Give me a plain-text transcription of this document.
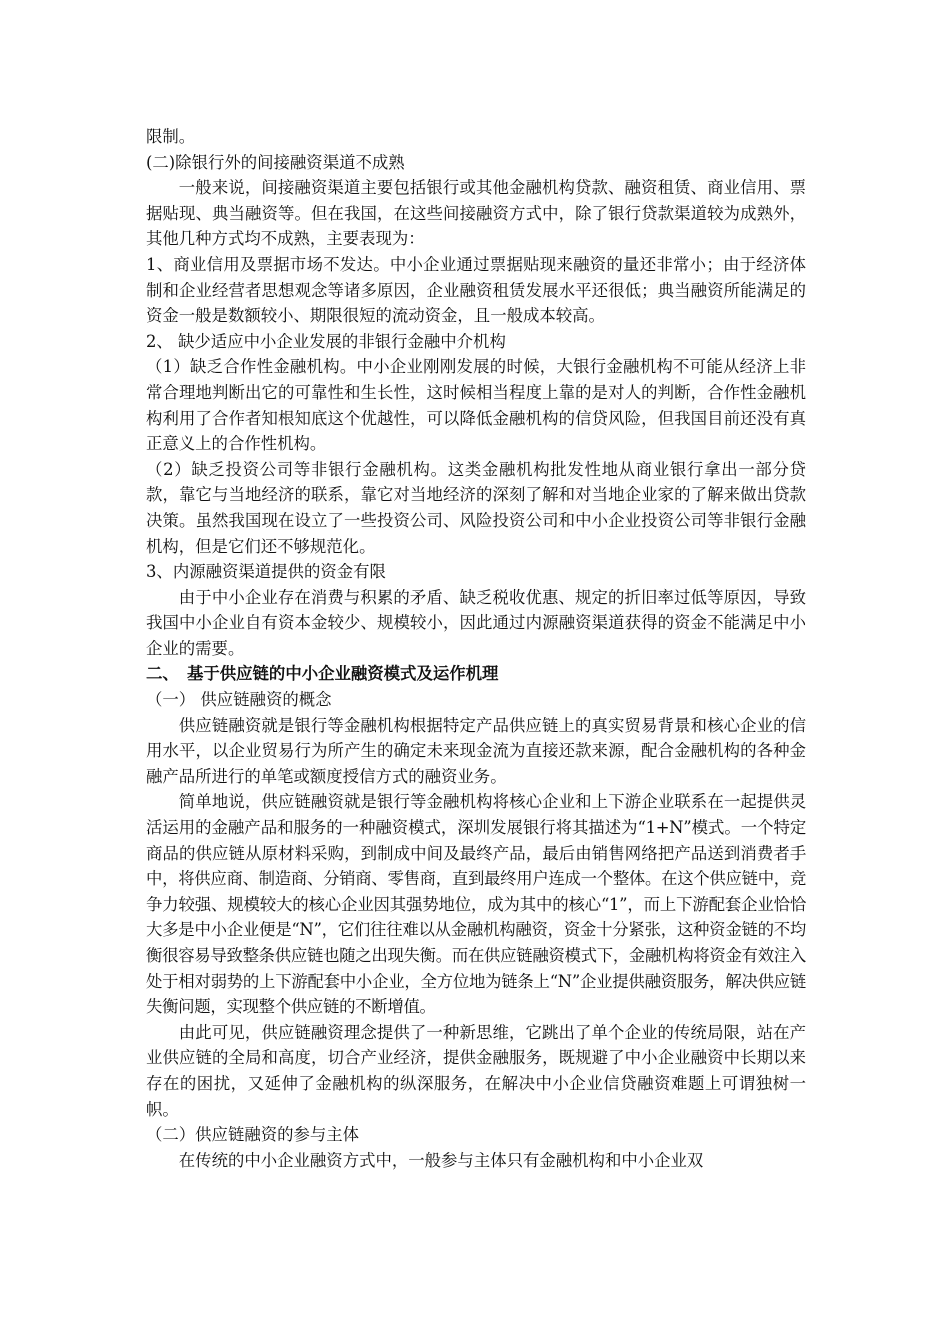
限制。

(二)除银行外的间接融资渠道不成熟

一般来说，间接融资渠道主要包括银行或其他金融机构贷款、融资租赁、商业信用、票据贴现、典当融资等。但在我国，在这些间接融资方式中，除了银行贷款渠道较为成熟外，其他几种方式均不成熟，主要表现为：

1、商业信用及票据市场不发达。中小企业通过票据贴现来融资的量还非常小；由于经济体制和企业经营者思想观念等诸多原因，企业融资租赁发展水平还很低；典当融资所能满足的资金一般是数额较小、期限很短的流动资金，且一般成本较高。

2、 缺少适应中小企业发展的非银行金融中介机构

（1）缺乏合作性金融机构。中小企业刚刚发展的时候，大银行金融机构不可能从经济上非常合理地判断出它的可靠性和生长性，这时候相当程度上靠的是对人的判断，合作性金融机构利用了合作者知根知底这个优越性，可以降低金融机构的信贷风险，但我国目前还没有真正意义上的合作性机构。

（2）缺乏投资公司等非银行金融机构。这类金融机构批发性地从商业银行拿出一部分贷款，靠它与当地经济的联系，靠它对当地经济的深刻了解和对当地企业家的了解来做出贷款决策。虽然我国现在设立了一些投资公司、风险投资公司和中小企业投资公司等非银行金融机构，但是它们还不够规范化。

3、内源融资渠道提供的资金有限

由于中小企业存在消费与积累的矛盾、缺乏税收优惠、规定的折旧率过低等原因，导致我国中小企业自有资本金较少、规模较小，因此通过内源融资渠道获得的资金不能满足中小企业的需要。

二、　基于供应链的中小企业融资模式及运作机理

（一） 供应链融资的概念

供应链融资就是银行等金融机构根据特定产品供应链上的真实贸易背景和核心企业的信用水平，以企业贸易行为所产生的确定未来现金流为直接还款来源，配合金融机构的各种金融产品所进行的单笔或额度授信方式的融资业务。

简单地说，供应链融资就是银行等金融机构将核心企业和上下游企业联系在一起提供灵活运用的金融产品和服务的一种融资模式，深圳发展银行将其描述为“1+N”模式。一个特定商品的供应链从原材料采购，到制成中间及最终产品，最后由销售网络把产品送到消费者手中，将供应商、制造商、分销商、零售商，直到最终用户连成一个整体。在这个供应链中，竞争力较强、规模较大的核心企业因其强势地位，成为其中的核心“1”，而上下游配套企业恰恰大多是中小企业便是“N”，它们往往难以从金融机构融资，资金十分紧张，这种资金链的不均衡很容易导致整条供应链也随之出现失衡。而在供应链融资模式下，金融机构将资金有效注入处于相对弱势的上下游配套中小企业，全方位地为链条上“N”企业提供融资服务，解决供应链失衡问题，实现整个供应链的不断增值。

由此可见，供应链融资理念提供了一种新思维，它跳出了单个企业的传统局限，站在产业供应链的全局和高度，切合产业经济，提供金融服务，既规避了中小企业融资中长期以来存在的困扰，又延伸了金融机构的纵深服务，在解决中小企业信贷融资难题上可谓独树一帜。

（二）供应链融资的参与主体

在传统的中小企业融资方式中，一般参与主体只有金融机构和中小企业双
